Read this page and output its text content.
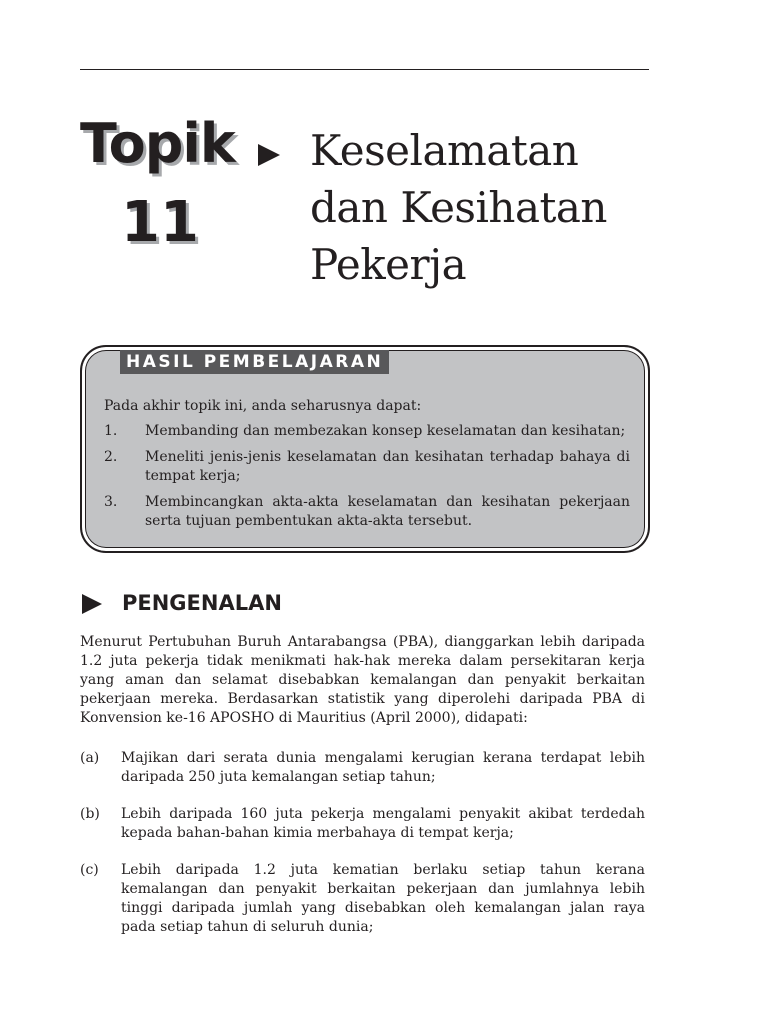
Topik
11
Keselamatan
dan Kesihatan
Pekerja
HASIL PEMBELAJARAN
Pada akhir topik ini, anda seharusnya dapat:
1. Membanding dan membezakan konsep keselamatan dan kesihatan;
2. Meneliti jenis-jenis keselamatan dan kesihatan terhadap bahaya di tempat kerja;
3. Membincangkan akta-akta keselamatan dan kesihatan pekerjaan serta tujuan pembentukan akta-akta tersebut.
PENGENALAN

Menurut Pertubuhan Buruh Antarabangsa (PBA), dianggarkan lebih daripada 1.2 juta pekerja tidak menikmati hak-hak mereka dalam persekitaran kerja yang aman dan selamat disebabkan kemalangan dan penyakit berkaitan pekerjaan mereka. Berdasarkan statistik yang diperolehi daripada PBA di Konvension ke-16 APOSHO di Mauritius (April 2000), didapati:

(a) Majikan dari serata dunia mengalami kerugian kerana terdapat lebih daripada 250 juta kemalangan setiap tahun;
(b) Lebih daripada 160 juta pekerja mengalami penyakit akibat terdedah kepada bahan-bahan kimia merbahaya di tempat kerja;
(c) Lebih daripada 1.2 juta kematian berlaku setiap tahun kerana kemalangan dan penyakit berkaitan pekerjaan dan jumlahnya lebih tinggi daripada jumlah yang disebabkan oleh kemalangan jalan raya pada setiap tahun di seluruh dunia;
